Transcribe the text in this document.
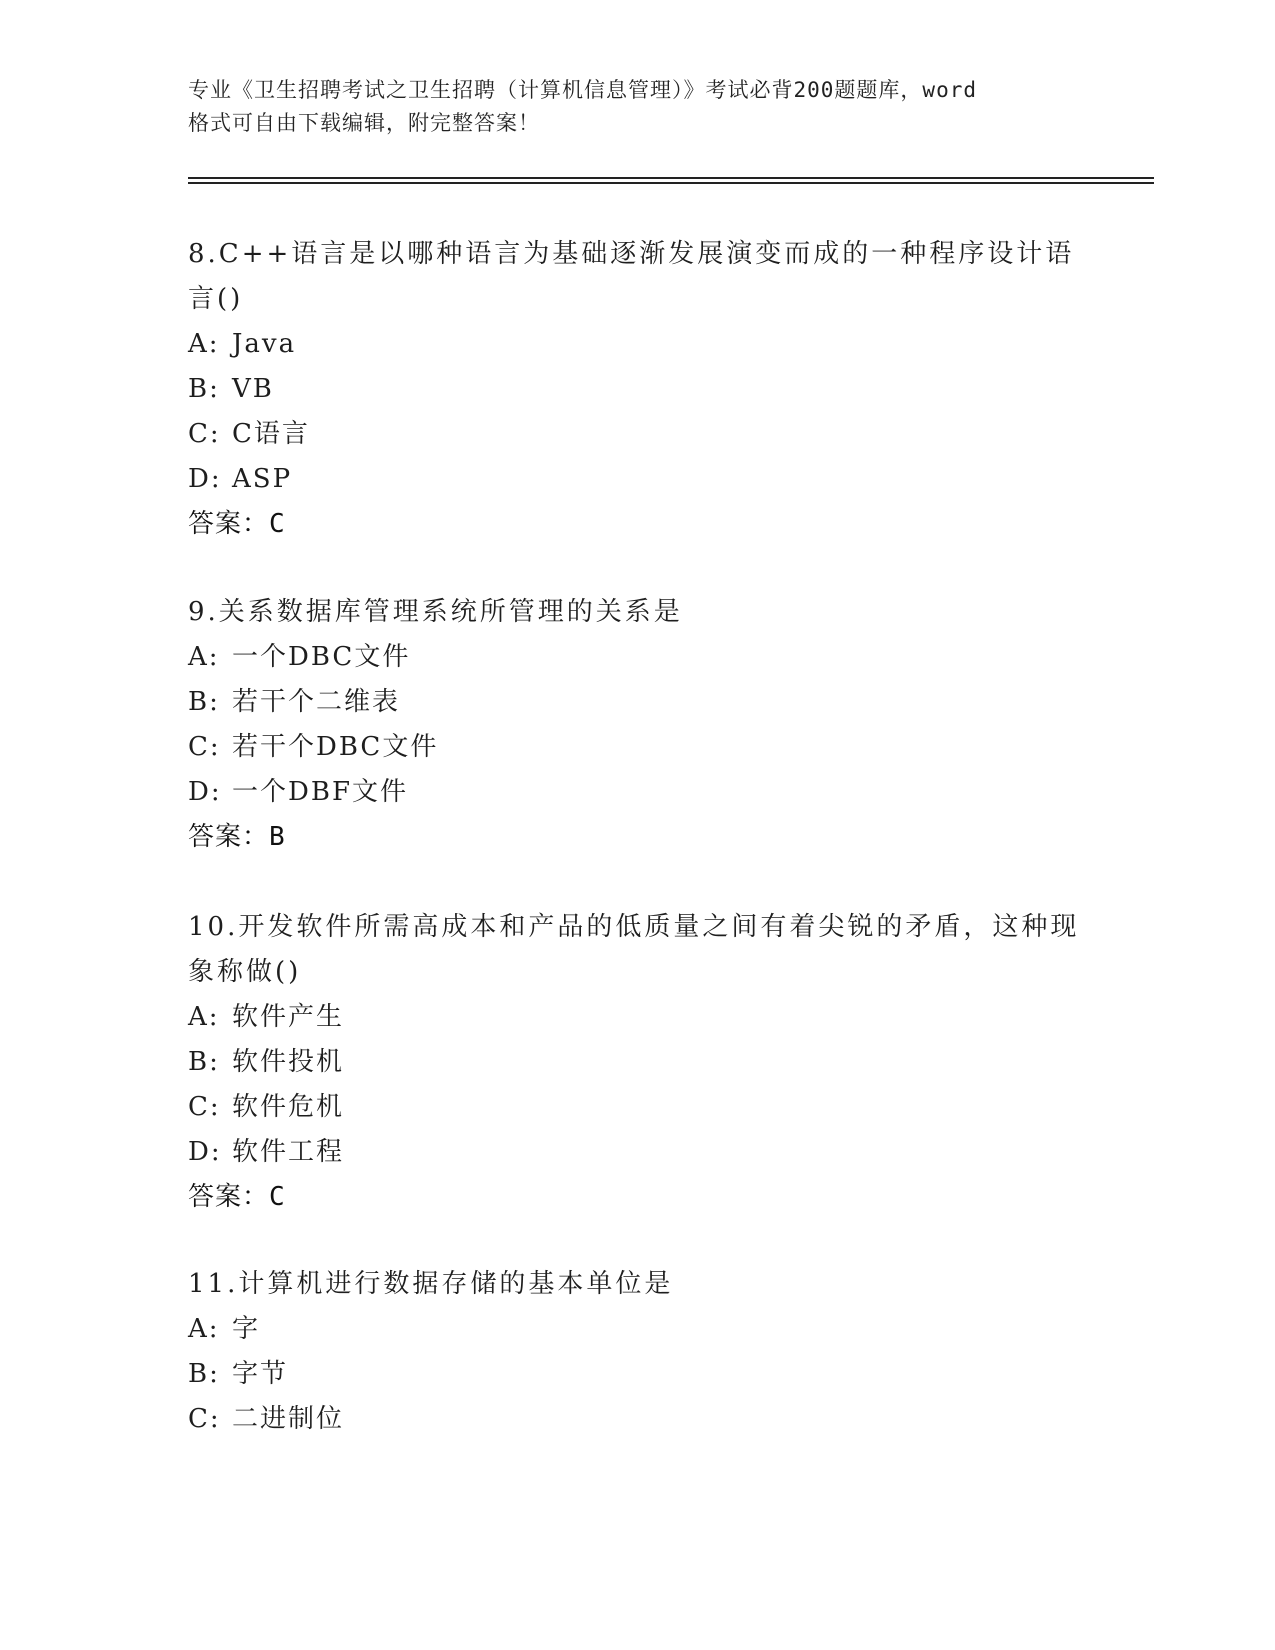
专业《卫生招聘考试之卫生招聘（计算机信息管理）》考试必背200题题库，word
格式可自由下载编辑，附完整答案！

8.C++语言是以哪种语言为基础逐渐发展演变而成的一种程序设计语言()

A: Java

B: VB

C: C语言

D: ASP

答案：C

9.关系数据库管理系统所管理的关系是

A: 一个DBC文件

B: 若干个二维表

C: 若干个DBC文件

D: 一个DBF文件

答案：B

10.开发软件所需高成本和产品的低质量之间有着尖锐的矛盾，这种现象称做()

A: 软件产生

B: 软件投机

C: 软件危机

D: 软件工程

答案：C

11.计算机进行数据存储的基本单位是

A: 字

B: 字节

C: 二进制位
